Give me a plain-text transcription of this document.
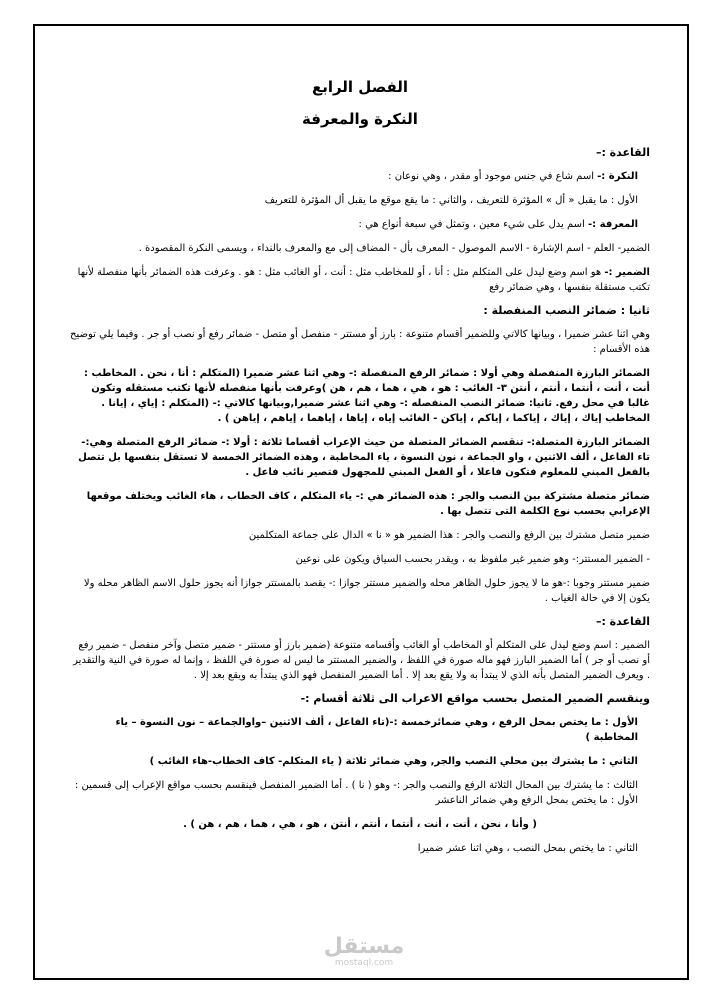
الفصل الرابع
النكرة والمعرفة
القاعدة :–
النكرة :- اسم شاع في جنس موجود أو مقدر ، وهي نوعان :
الأول : ما يقبل « أل » المؤثرة للتعريف ، والثاني : ما يقع موقع ما يقبل أل المؤثرة للتعريف
المعرفة :- اسم يدل على شيء معين ، وتمثل في سبعة أنواع هي :
الضمير- العلم - اسم الإشارة - الاسم الموصول - المعرف بأل - المضاف إلى مع والمعرف بالنداء ، ويسمى النكرة المقصودة .
الضمير :- هو اسم وضع ليدل على المتكلم مثل : أنا ، أو للمخاطب مثل : أنت ، أو الغائب مثل : هو . وعرفت هذه الضمائر بأنها منفصلة لأنها تكتب مستقلة بنفسها ، وهي ضمائر رفع
ثانيا : ضمائر النصب المنفصلة :
وهي اثنا عشر ضميرا ، وبيانها كالاتي وللضمير أقسام متنوعة : بارز أو مستتر - منفصل أو متصل - ضمائر رفع أو نصب أو جر . وفيما يلي توضيح هذه الأقسام :
الضمائر البارزة المنفصلة وهي أولا : ضمائر الرفع المنفصلة :- وهي اثنا عشر ضميرا (المتكلم : أنا ، نحن . المخاطب : أنت ، أنت ، أنتما ، أنتم ، أنتن ٣- الغائب : هو ، هي ، هما ، هم ، هن )وعرفت بأنها منفصله لأنها تكتب مستقله وتكون غالبا في محل رفع. ثانيا: ضمائر النصب المنفصله :- وهي اثنا عشر ضميرا,وبيانها كالاتي :- (المتكلم : إياي ، إيانا . المخاطب إياك ، إياك ، إياكما ، إياكم ، إياكن - الغائب إياه ، إياها ، إياهما ، إياهم ، إياهن ) .
الضمائر البارزة المتصلة:- تنقسم الضمائر المتصلة من حيث الإعراب أقساما ثلاثة : أولا :- ضمائر الرفع المتصلة وهي:- تاء الفاعل ، ألف الاثنين ، واو الجماعة ، نون النسوة ، ياء المخاطبة ، وهذه الضمائر الخمسة لا تستقل بنفسها بل تتصل بالفعل المبني للمعلوم فتكون فاعلا ، أو الفعل المبني للمجهول فتصير نائب فاعل .
ضمائر متصلة مشتركة بين النصب والجر : هذه الضمائر هي :- ياء المتكلم ، كاف الخطاب ، هاء الغائب ويختلف موقعها الإعرابي بحسب نوع الكلمة التى تتصل بها .
ضمير متصل مشترك بين الرفع والنصب والجر : هذا الضمير هو « نا » الدال على جماعة المتكلمين
- الضمير المستتر:- وهو ضمير غير ملفوظ به ، ويقدر بحسب السياق ويكون على نوعين
ضمير مستتر وجوبا :-هو ما لا يجوز حلول الظاهر محله والضمير مستتر جوازا :- يقصد بالمستتر جوازا أنه يجوز حلول الاسم الظاهر محله ولا يكون إلا في حالة الغياب .
القاعدة :–
الضمير : اسم وضع ليدل على المتكلم أو المخاطب أو الغائب وأقسامه متنوعة (ضمير بارز أو مستتر - ضمير متصل وآخر منفصل - ضمير رفع أو نصب أو جر ) أما الضمير البارز فهو ماله صورة في اللفظ ، والضمير المستتر ما ليس له صورة في اللفظ ، وإنما له صورة في النية والتقدير . ويعرف الضمير المتصل بأنه الذي لا يبتدأ به ولا يقع بعد إلا . أما الضمير المنفصل فهو الذي يبتدأ به ويقع بعد إلا .
وينقسم الضمير المتصل بحسب مواقع الاعراب الى ثلاثة أقسام :-
الأول : ما يختص بمحل الرفع ، وهي ضمائرخمسة :-(تاء الفاعل ، ألف الاثنين –واوالجماعة – نون النسوة – ياء المخاطبة )
الثاني : ما يشترك بين محلي النصب والجر, وهي ضمائر ثلاثة ( ياء المتكلم- كاف الخطاب-هاء الغائب )
الثالث : ما يشترك بين المحال الثلاثة الرفع والنصب والجر :- وهو ( نا ) . أما الضمير المنفصل فينقسم بحسب مواقع الإعراب إلى قسمين : الأول : ما يختص بمحل الرفع وهي ضمائر الناعشر
( وأنا ، نحن ، أنت ، أنت ، أنتما ، أنتم ، أنتن ، هو ، هي ، هما ، هم ، هن ) .
الثاني : ما يختص بمحل النصب ، وهي اثنا عشر ضميرا
مستقل
mostaql.com
